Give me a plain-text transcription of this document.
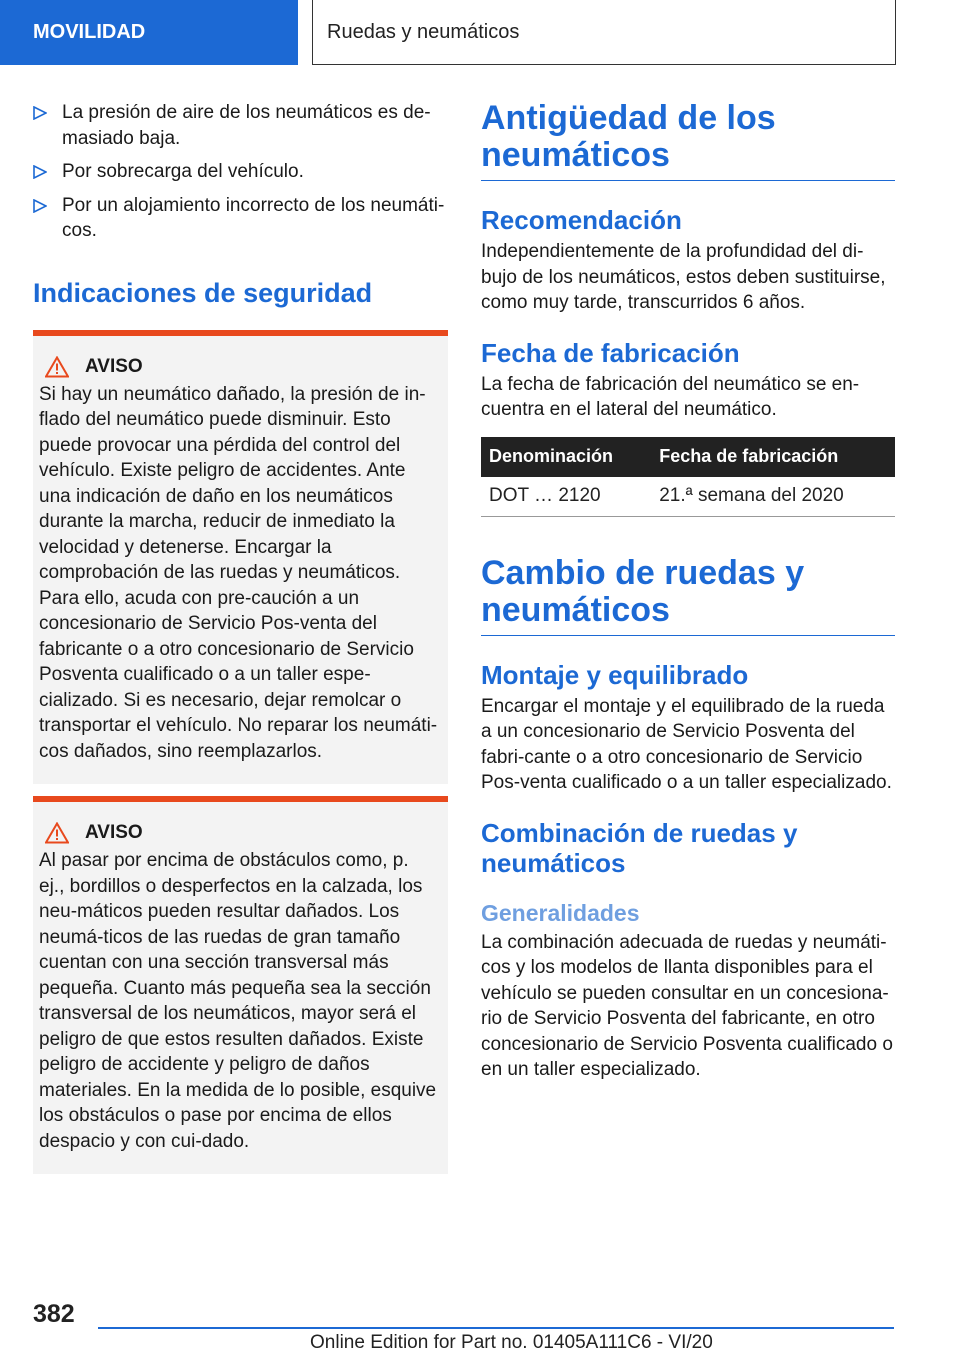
MOVILIDAD	Ruedas y neumáticos
La presión de aire de los neumáticos es de-masiado baja.
Por sobrecarga del vehículo.
Por un alojamiento incorrecto de los neumáti-cos.
Indicaciones de seguridad
AVISO

Si hay un neumático dañado, la presión de in-flado del neumático puede disminuir. Esto puede provocar una pérdida del control del vehículo. Existe peligro de accidentes. Ante una indicación de daño en los neumáticos durante la marcha, reducir de inmediato la velocidad y detenerse. Encargar la comprobación de las ruedas y neumáticos. Para ello, acuda con pre-caución a un concesionario de Servicio Pos-venta del fabricante o a otro concesionario de Servicio Posventa cualificado o a un taller espe-cializado. Si es necesario, dejar remolcar o transportar el vehículo. No reparar los neumáti-cos dañados, sino reemplazarlos.

AVISO

Al pasar por encima de obstáculos como, p. ej., bordillos o desperfectos en la calzada, los neu-máticos pueden resultar dañados. Los neumá-ticos de las ruedas de gran tamaño cuentan con una sección transversal más pequeña. Cuanto más pequeña sea la sección transversal de los neumáticos, mayor será el peligro de que estos resulten dañados. Existe peligro de accidente y peligro de daños materiales. En la medida de lo posible, esquive los obstáculos o pase por encima de ellos despacio y con cui-dado.

Antigüedad de los neumáticos
Recomendación

Independientemente de la profundidad del di-bujo de los neumáticos, estos deben sustituirse, como muy tarde, transcurridos 6 años.

Fecha de fabricación

La fecha de fabricación del neumático se en-cuentra en el lateral del neumático.

Denominación	Fecha de fabricación
DOT … 2120	21.ª semana del 2020
Cambio de ruedas y neumáticos
Montaje y equilibrado

Encargar el montaje y el equilibrado de la rueda a un concesionario de Servicio Posventa del fabri-cante o a otro concesionario de Servicio Pos-venta cualificado o a un taller especializado.

Combinación de ruedas y neumáticos
Generalidades

La combinación adecuada de ruedas y neumáti-cos y los modelos de llanta disponibles para el vehículo se pueden consultar en un concesiona-rio de Servicio Posventa del fabricante, en otro concesionario de Servicio Posventa cualificado o en un taller especializado.

382
Online Edition for Part no. 01405A111C6 - VI/20
